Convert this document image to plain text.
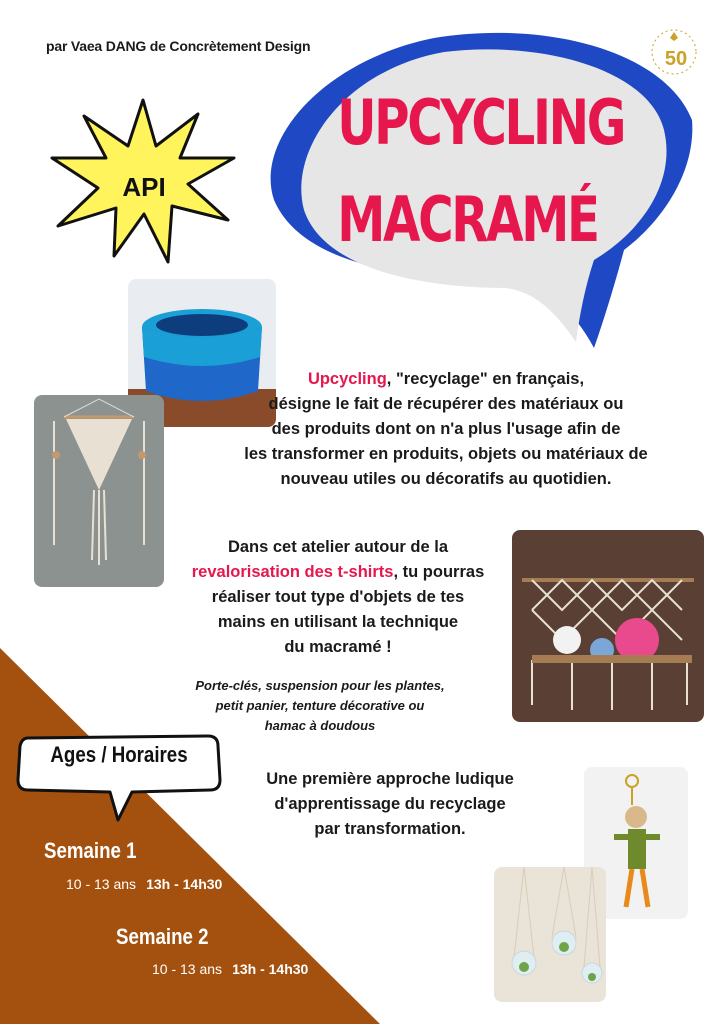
par Vaea DANG de Concrètement Design
50
UPCYCLING
MACRAMÉ
API
Upcycling, "recyclage" en français,
désigne le fait de récupérer des matériaux ou
des produits dont on n'a plus l'usage afin de
les transformer en produits, objets ou matériaux de
nouveau utiles ou décoratifs au quotidien.
Dans cet atelier autour de la
revalorisation des t-shirts, tu pourras
réaliser tout type d'objets de tes
mains en utilisant la technique
du macramé !
Porte-clés, suspension pour les plantes,
petit panier, tenture décorative ou
hamac à doudous
Une première approche ludique
d'apprentissage du recyclage
par transformation.
Ages / Horaires
Semaine 1
10 - 13 ans 13h - 14h30
Semaine 2
10 - 13 ans 13h - 14h30
